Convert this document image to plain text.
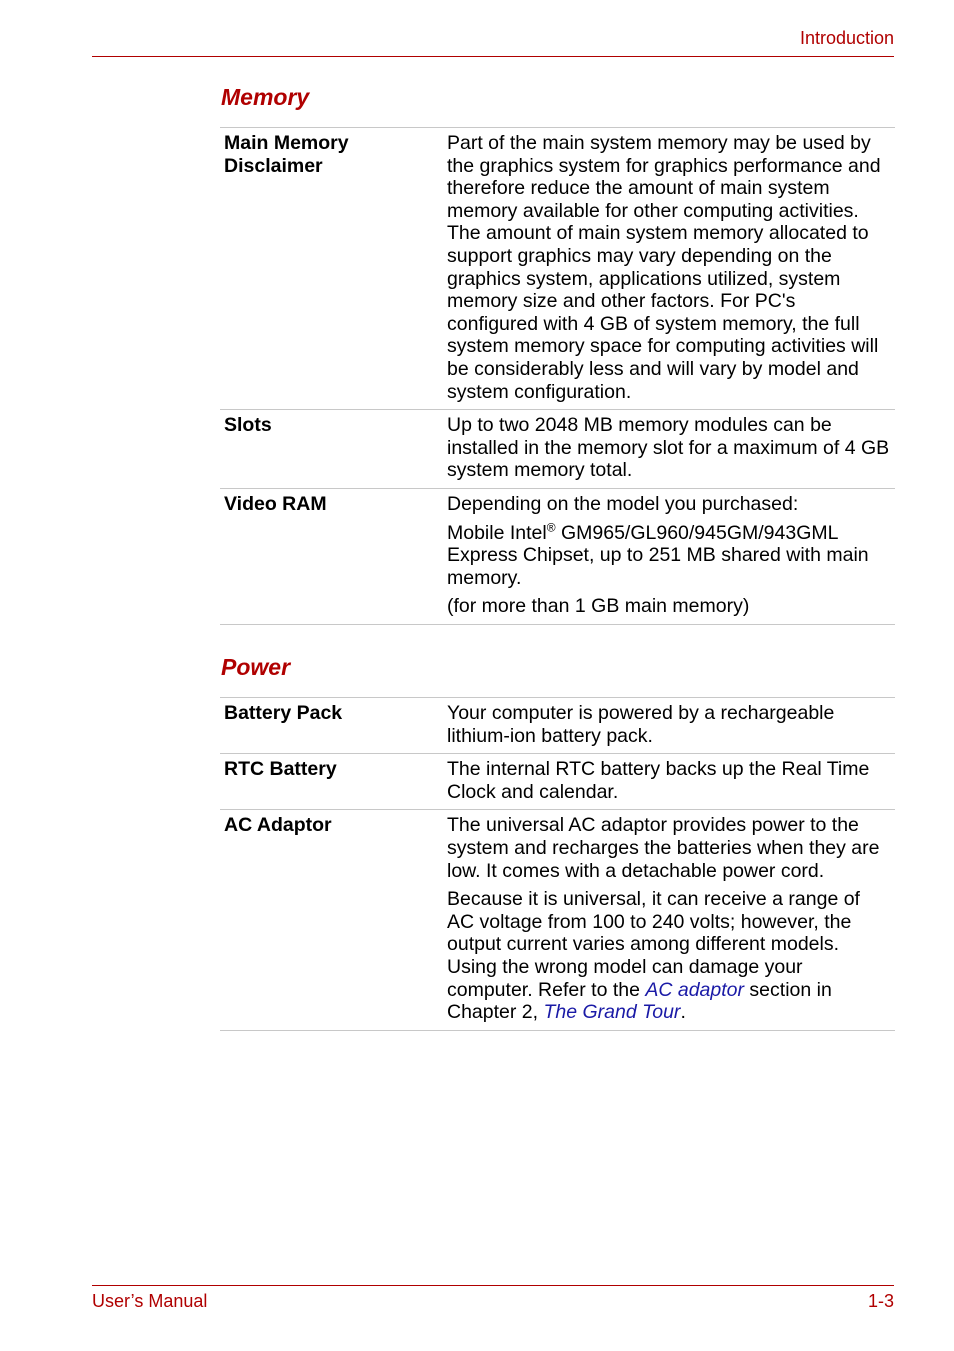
Introduction
Memory
Main Memory Disclaimer	Part of the main system memory may be used by the graphics system for graphics performance and therefore reduce the amount of main system memory available for other computing activities. The amount of main system memory allocated to support graphics may vary depending on the graphics system, applications utilized, system memory size and other factors. For PC's configured with 4 GB of system memory, the full system memory space for computing activities will be considerably less and will vary by model and system configuration.

Slots	Up to two 2048 MB memory modules can be installed in the memory slot for a maximum of 4 GB system memory total.

Video RAM	Depending on the model you purchased:

Mobile Intel® GM965/GL960/945GM/943GML Express Chipset, up to 251 MB shared with main memory.

(for more than 1 GB main memory)

Power
Battery Pack	Your computer is powered by a rechargeable lithium-ion battery pack.

RTC Battery	The internal RTC battery backs up the Real Time Clock and calendar.

AC Adaptor	The universal AC adaptor provides power to the system and recharges the batteries when they are low. It comes with a detachable power cord.

Because it is universal, it can receive a range of AC voltage from 100 to 240 volts; however, the output current varies among different models. Using the wrong model can damage your computer. Refer to the AC adaptor section in Chapter 2, The Grand Tour.

User’s Manual	1-3
